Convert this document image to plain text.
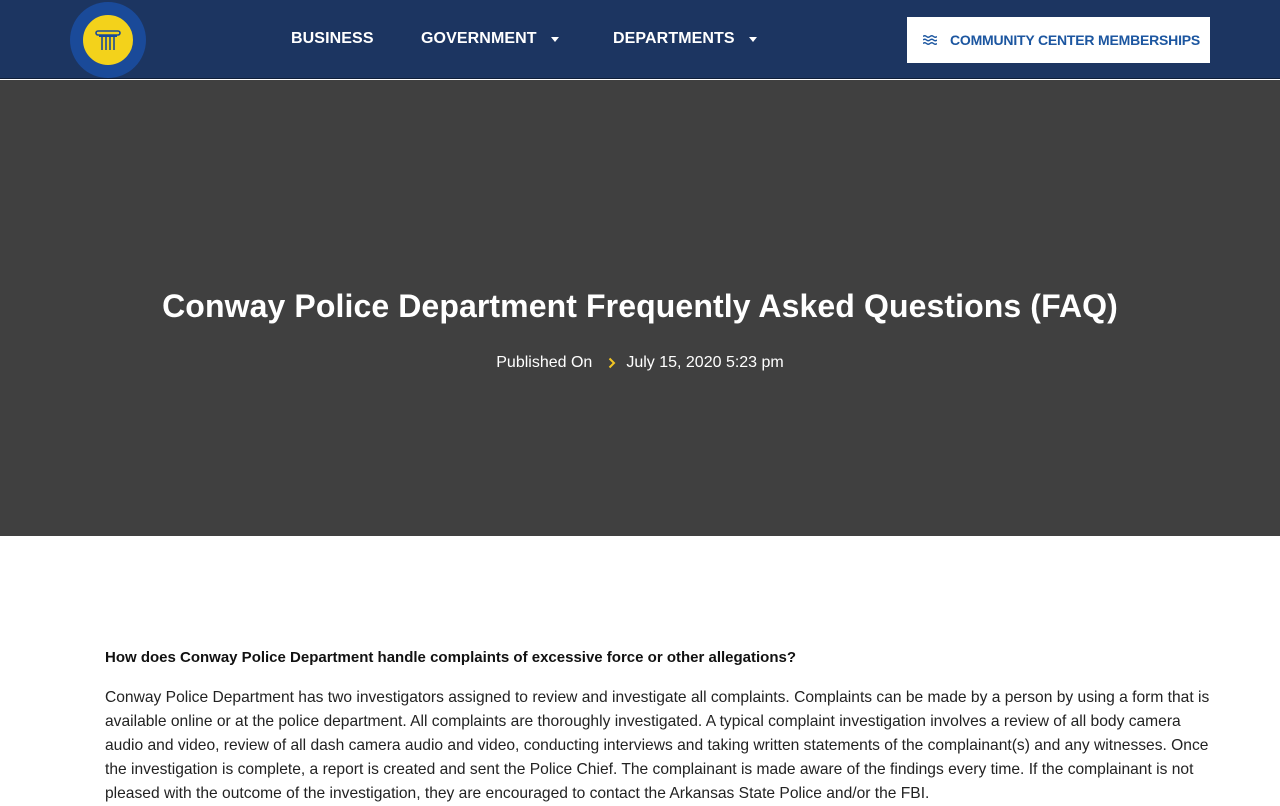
BUSINESS	GOVERNMENT	DEPARTMENTS	COMMUNITY CENTER MEMBERSHIPS
Conway Police Department Frequently Asked Questions (FAQ)
Published On July 15, 2020 5:23 pm

How does Conway Police Department handle complaints of excessive force or other allegations?

Conway Police Department has two investigators assigned to review and investigate all complaints. Complaints can be made by a person by using a form that is available online or at the police department. All complaints are thoroughly investigated. A typical complaint investigation involves a review of all body camera audio and video, review of all dash camera audio and video, conducting interviews and taking written statements of the complainant(s) and any witnesses. Once the investigation is complete, a report is created and sent the Police Chief. The complainant is made aware of the findings every time. If the complainant is not pleased with the outcome of the investigation, they are encouraged to contact the Arkansas State Police and/or the FBI.
